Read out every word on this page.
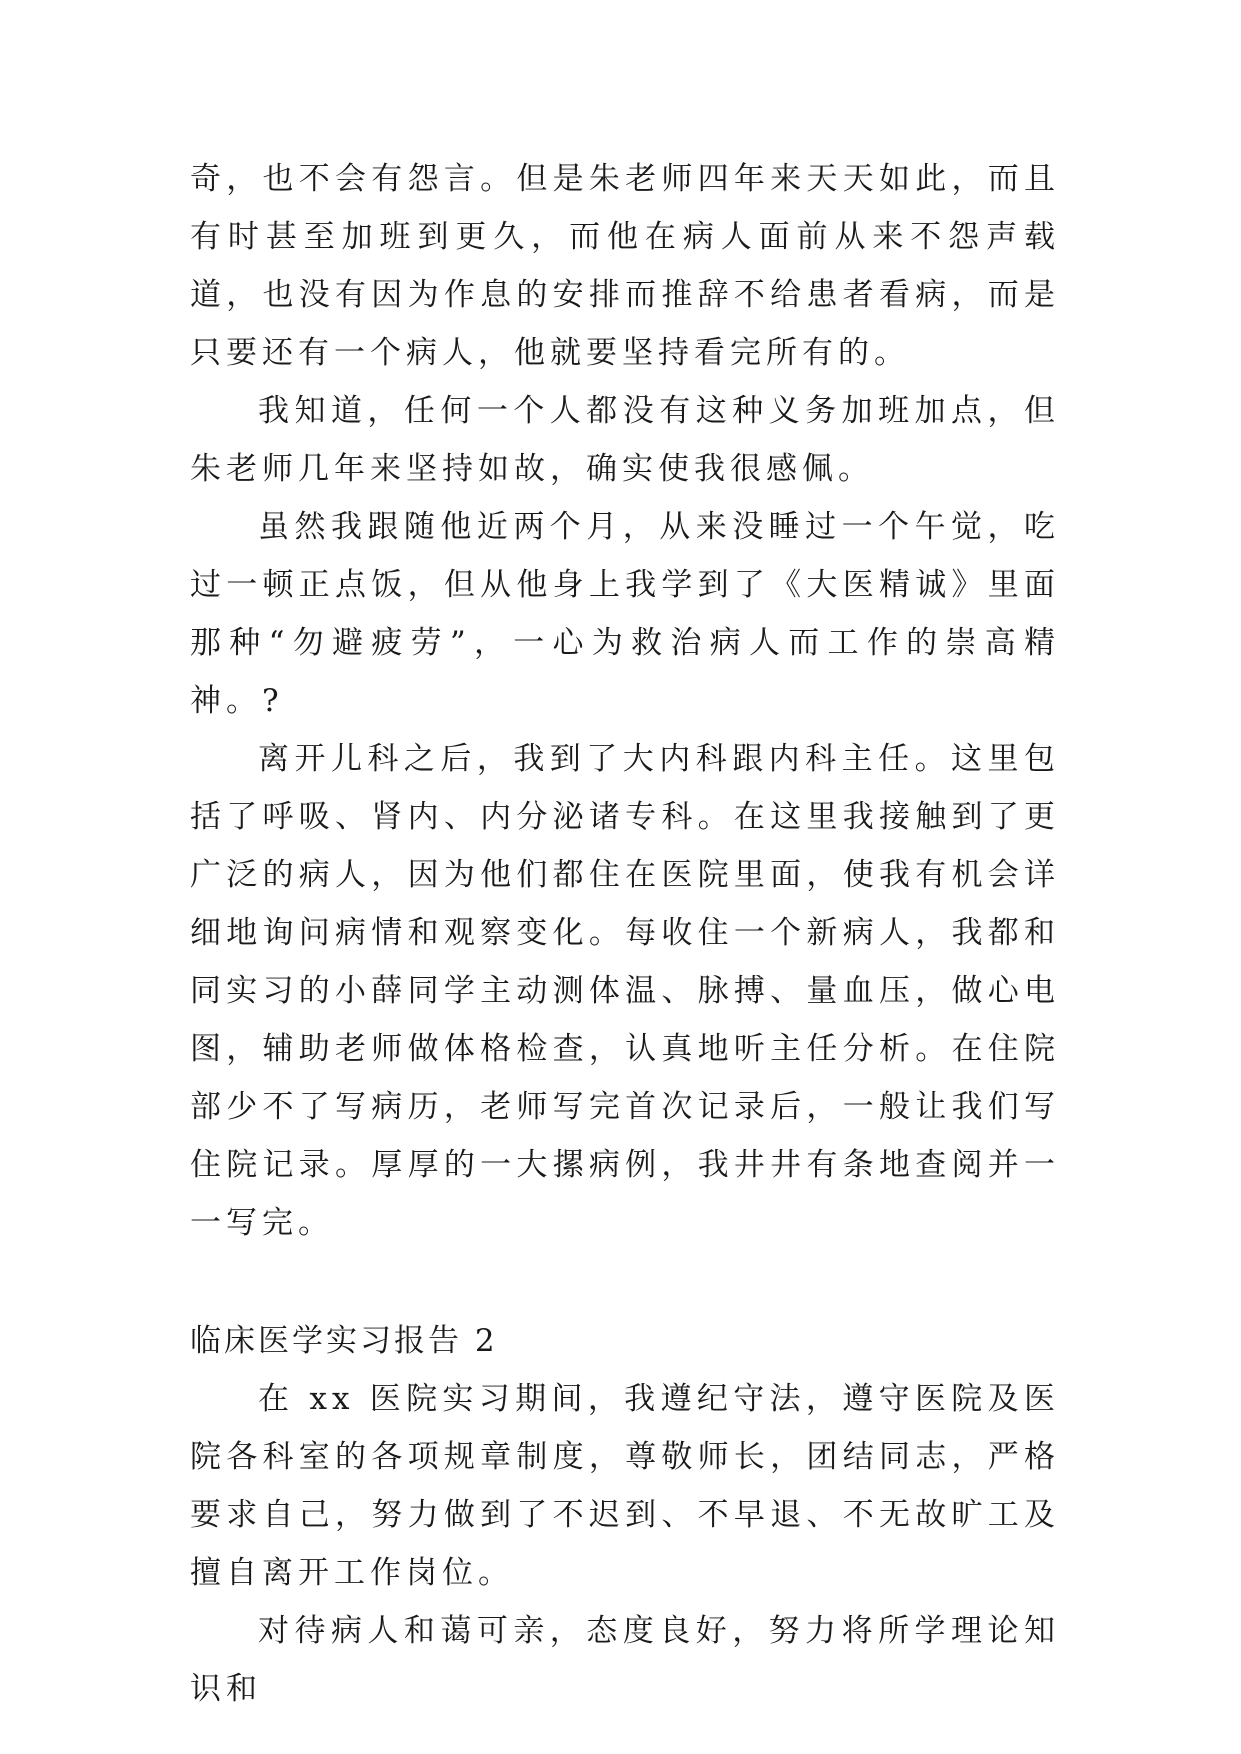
奇，也不会有怨言。但是朱老师四年来天天如此，而且有时甚至加班到更久，而他在病人面前从来不怨声载道，也没有因为作息的安排而推辞不给患者看病，而是只要还有一个病人，他就要坚持看完所有的。

我知道，任何一个人都没有这种义务加班加点，但朱老师几年来坚持如故，确实使我很感佩。

虽然我跟随他近两个月，从来没睡过一个午觉，吃过一顿正点饭，但从他身上我学到了《大医精诚》里面那种“勿避疲劳”，一心为救治病人而工作的崇高精神。?

离开儿科之后，我到了大内科跟内科主任。这里包括了呼吸、肾内、内分泌诸专科。在这里我接触到了更广泛的病人，因为他们都住在医院里面，使我有机会详细地询问病情和观察变化。每收住一个新病人，我都和同实习的小薛同学主动测体温、脉搏、量血压，做心电图，辅助老师做体格检查，认真地听主任分析。在住院部少不了写病历，老师写完首次记录后，一般让我们写住院记录。厚厚的一大摞病例，我井井有条地查阅并一一写完。

临床医学实习报告 2

在 xx 医院实习期间，我遵纪守法，遵守医院及医院各科室的各项规章制度，尊敬师长，团结同志，严格要求自己，努力做到了不迟到、不早退、不无故旷工及擅自离开工作岗位。

对待病人和蔼可亲，态度良好，努力将所学理论知识和
